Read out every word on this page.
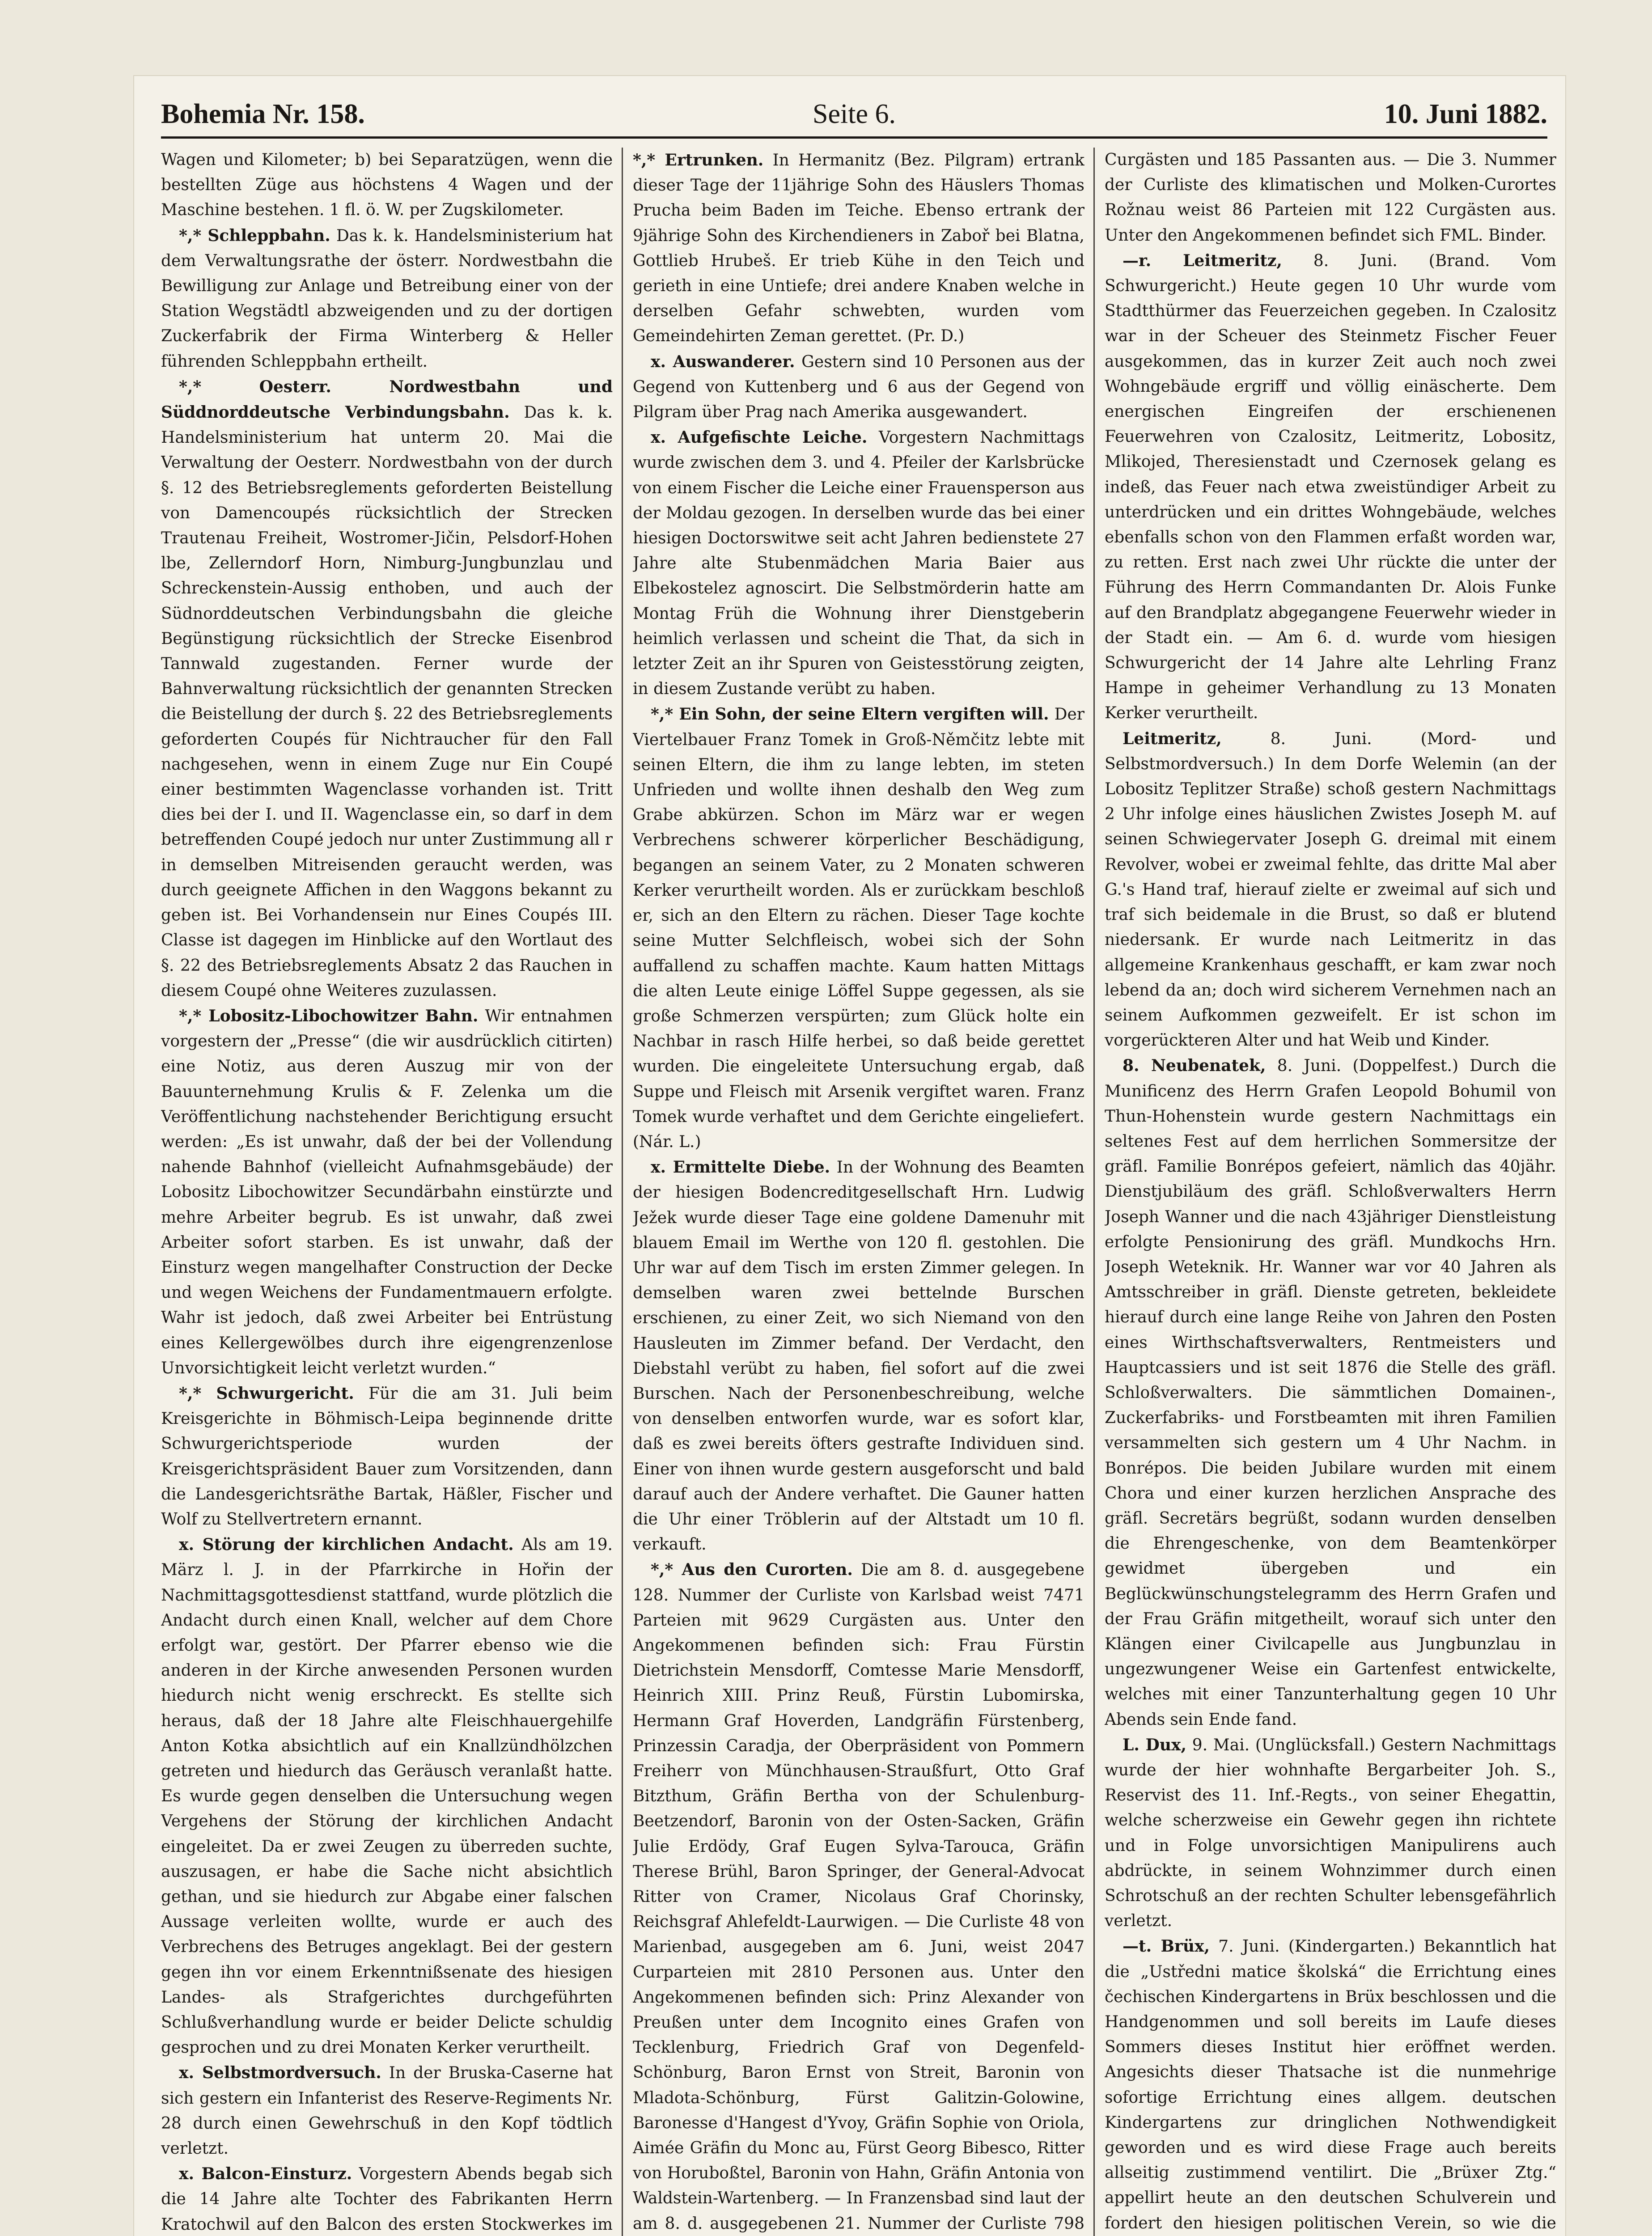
Bohemia Nr. 158.	Seite 6.	10. Juni 1882.

Wagen und Kilometer; b) bei Separatzügen, wenn die bestellten Züge aus höchstens 4 Wagen und der Maschine bestehen. 1 fl. ö. W. per Zugskilometer.

*,* Schleppbahn. Das k. k. Handelsministerium hat dem Verwaltungsrathe der österr. Nordwestbahn die Bewilligung zur Anlage und Betreibung einer von der Station Wegstädtl abzweigenden und zu der dortigen Zuckerfabrik der Firma Winterberg & Heller führenden Schleppbahn ertheilt.

*,* Oesterr. Nordwestbahn und Süddnorddeutsche Verbindungsbahn. Das k. k. Handelsministerium hat unterm 20. Mai die Verwaltung der Oesterr. Nordwestbahn von der durch §. 12 des Betriebsreglements geforderten Beistellung von Damencoupés rücksichtlich der Strecken Trautenau Freiheit, Wostromer-Jičin, Pelsdorf-Hohen lbe, Zellerndorf Horn, Nimburg-Jungbunzlau und Schreckenstein-Aussig enthoben, und auch der Südnorddeutschen Verbindungsbahn die gleiche Begünstigung rücksichtlich der Strecke Eisenbrod Tannwald zugestanden. Ferner wurde der Bahnverwaltung rücksichtlich der genannten Strecken die Beistellung der durch §. 22 des Betriebsreglements geforderten Coupés für Nichtraucher für den Fall nachgesehen, wenn in einem Zuge nur Ein Coupé einer bestimmten Wagenclasse vorhanden ist. Tritt dies bei der I. und II. Wagenclasse ein, so darf in dem betreffenden Coupé jedoch nur unter Zustimmung all r in demselben Mitreisenden geraucht werden, was durch geeignete Affichen in den Waggons bekannt zu geben ist. Bei Vorhandensein nur Eines Coupés III. Classe ist dagegen im Hinblicke auf den Wortlaut des §. 22 des Betriebsreglements Absatz 2 das Rauchen in diesem Coupé ohne Weiteres zuzulassen.

*,* Lobositz-Libochowitzer Bahn. Wir entnahmen vorgestern der „Presse“ (die wir ausdrücklich citirten) eine Notiz, aus deren Auszug mir von der Bauunternehmung Krulis & F. Zelenka um die Veröffentlichung nachstehender Berichtigung ersucht werden: „Es ist unwahr, daß der bei der Vollendung nahende Bahnhof (vielleicht Aufnahmsgebäude) der Lobositz Libochowitzer Secundärbahn einstürzte und mehre Arbeiter begrub. Es ist unwahr, daß zwei Arbeiter sofort starben. Es ist unwahr, daß der Einsturz wegen mangelhafter Construction der Decke und wegen Weichens der Fundamentmauern erfolgte. Wahr ist jedoch, daß zwei Arbeiter bei Entrüstung eines Kellergewölbes durch ihre eigengrenzenlose Unvorsichtigkeit leicht verletzt wurden.“

*,* Schwurgericht. Für die am 31. Juli beim Kreisgerichte in Böhmisch-Leipa beginnende dritte Schwurgerichtsperiode wurden der Kreisgerichtspräsident Bauer zum Vorsitzenden, dann die Landesgerichtsräthe Bartak, Häßler, Fischer und Wolf zu Stellvertretern ernannt.

x. Störung der kirchlichen Andacht. Als am 19. März l. J. in der Pfarrkirche in Hořin der Nachmittagsgottesdienst stattfand, wurde plötzlich die Andacht durch einen Knall, welcher auf dem Chore erfolgt war, gestört. Der Pfarrer ebenso wie die anderen in der Kirche anwesenden Personen wurden hiedurch nicht wenig erschreckt. Es stellte sich heraus, daß der 18 Jahre alte Fleischhauergehilfe Anton Kotka absichtlich auf ein Knallzündhölzchen getreten und hiedurch das Geräusch veranlaßt hatte. Es wurde gegen denselben die Untersuchung wegen Vergehens der Störung der kirchlichen Andacht eingeleitet. Da er zwei Zeugen zu überreden suchte, auszusagen, er habe die Sache nicht absichtlich gethan, und sie hiedurch zur Abgabe einer falschen Aussage verleiten wollte, wurde er auch des Verbrechens des Betruges angeklagt. Bei der gestern gegen ihn vor einem Erkenntnißsenate des hiesigen Landes- als Strafgerichtes durchgeführten Schlußverhandlung wurde er beider Delicte schuldig gesprochen und zu drei Monaten Kerker verurtheilt.

x. Selbstmordversuch. In der Bruska-Caserne hat sich gestern ein Infanterist des Reserve-Regiments Nr. 28 durch einen Gewehrschuß in den Kopf tödtlich verletzt.

x. Balcon-Einsturz. Vorgestern Abends begab sich die 14 Jahre alte Tochter des Fabrikanten Herrn Kratochwil auf den Balcon des ersten Stockwerkes im

*,* Ertrunken. In Hermanitz (Bez. Pilgram) ertrank dieser Tage der 11jährige Sohn des Häuslers Thomas Prucha beim Baden im Teiche. Ebenso ertrank der 9jährige Sohn des Kirchendieners in Zaboř bei Blatna, Gottlieb Hrubeš. Er trieb Kühe in den Teich und gerieth in eine Untiefe; drei andere Knaben welche in derselben Gefahr schwebten, wurden vom Gemeindehirten Zeman gerettet. (Pr. D.)

x. Auswanderer. Gestern sind 10 Personen aus der Gegend von Kuttenberg und 6 aus der Gegend von Pilgram über Prag nach Amerika ausgewandert.

x. Aufgefischte Leiche. Vorgestern Nachmittags wurde zwischen dem 3. und 4. Pfeiler der Karlsbrücke von einem Fischer die Leiche einer Frauensperson aus der Moldau gezogen. In derselben wurde das bei einer hiesigen Doctorswitwe seit acht Jahren bedienstete 27 Jahre alte Stubenmädchen Maria Baier aus Elbekostelez agnoscirt. Die Selbstmörderin hatte am Montag Früh die Wohnung ihrer Dienstgeberin heimlich verlassen und scheint die That, da sich in letzter Zeit an ihr Spuren von Geistesstörung zeigten, in diesem Zustande verübt zu haben.

*,* Ein Sohn, der seine Eltern vergiften will. Der Viertelbauer Franz Tomek in Groß-Němčitz lebte mit seinen Eltern, die ihm zu lange lebten, im steten Unfrieden und wollte ihnen deshalb den Weg zum Grabe abkürzen. Schon im März war er wegen Verbrechens schwerer körperlicher Beschädigung, begangen an seinem Vater, zu 2 Monaten schweren Kerker verurtheilt worden. Als er zurückkam beschloß er, sich an den Eltern zu rächen. Dieser Tage kochte seine Mutter Selchfleisch, wobei sich der Sohn auffallend zu schaffen machte. Kaum hatten Mittags die alten Leute einige Löffel Suppe gegessen, als sie große Schmerzen verspürten; zum Glück holte ein Nachbar in rasch Hilfe herbei, so daß beide gerettet wurden. Die eingeleitete Untersuchung ergab, daß Suppe und Fleisch mit Arsenik vergiftet waren. Franz Tomek wurde verhaftet und dem Gerichte eingeliefert. (Nár. L.)

x. Ermittelte Diebe. In der Wohnung des Beamten der hiesigen Bodencreditgesellschaft Hrn. Ludwig Ježek wurde dieser Tage eine goldene Damenuhr mit blauem Email im Werthe von 120 fl. gestohlen. Die Uhr war auf dem Tisch im ersten Zimmer gelegen. In demselben waren zwei bettelnde Burschen erschienen, zu einer Zeit, wo sich Niemand von den Hausleuten im Zimmer befand. Der Verdacht, den Diebstahl verübt zu haben, fiel sofort auf die zwei Burschen. Nach der Personenbeschreibung, welche von denselben entworfen wurde, war es sofort klar, daß es zwei bereits öfters gestrafte Individuen sind. Einer von ihnen wurde gestern ausgeforscht und bald darauf auch der Andere verhaftet. Die Gauner hatten die Uhr einer Tröblerin auf der Altstadt um 10 fl. verkauft.

*,* Aus den Curorten. Die am 8. d. ausgegebene 128. Nummer der Curliste von Karlsbad weist 7471 Parteien mit 9629 Curgästen aus. Unter den Angekommenen befinden sich: Frau Fürstin Dietrichstein Mensdorff, Comtesse Marie Mensdorff, Heinrich XIII. Prinz Reuß, Fürstin Lubomirska, Hermann Graf Hoverden, Landgräfin Fürstenberg, Prinzessin Caradja, der Oberpräsident von Pommern Freiherr von Münchhausen-Straußfurt, Otto Graf Bitzthum, Gräfin Bertha von der Schulenburg-Beetzendorf, Baronin von der Osten-Sacken, Gräfin Julie Erdödy, Graf Eugen Sylva-Tarouca, Gräfin Therese Brühl, Baron Springer, der General-Advocat Ritter von Cramer, Nicolaus Graf Chorinsky, Reichsgraf Ahlefeldt-Laurwigen. — Die Curliste 48 von Marienbad, ausgegeben am 6. Juni, weist 2047 Curparteien mit 2810 Personen aus. Unter den Angekommenen befinden sich: Prinz Alexander von Preußen unter dem Incognito eines Grafen von Tecklenburg, Friedrich Graf von Degenfeld-Schönburg, Baron Ernst von Streit, Baronin von Mladota-Schönburg, Fürst Galitzin-Golowine, Baronesse d'Hangest d'Yvoy, Gräfin Sophie von Oriola, Aimée Gräfin du Monc au, Fürst Georg Bibesco, Ritter von Horuboßtel, Baronin von Hahn, Gräfin Antonia von Waldstein-Wartenberg. — In Franzensbad sind laut der am 8. d. ausgegebenen 21. Nummer der Curliste 798

Curgästen und 185 Passanten aus. — Die 3. Nummer der Curliste des klimatischen und Molken-Curortes Rožnau weist 86 Parteien mit 122 Curgästen aus. Unter den Angekommenen befindet sich FML. Binder.

—r. Leitmeritz, 8. Juni. (Brand. Vom Schwurgericht.) Heute gegen 10 Uhr wurde vom Stadtthürmer das Feuerzeichen gegeben. In Czalositz war in der Scheuer des Steinmetz Fischer Feuer ausgekommen, das in kurzer Zeit auch noch zwei Wohngebäude ergriff und völlig einäscherte. Dem energischen Eingreifen der erschienenen Feuerwehren von Czalositz, Leitmeritz, Lobositz, Mlikojed, Theresienstadt und Czernosek gelang es indeß, das Feuer nach etwa zweistündiger Arbeit zu unterdrücken und ein drittes Wohngebäude, welches ebenfalls schon von den Flammen erfaßt worden war, zu retten. Erst nach zwei Uhr rückte die unter der Führung des Herrn Commandanten Dr. Alois Funke auf den Brandplatz abgegangene Feuerwehr wieder in der Stadt ein. — Am 6. d. wurde vom hiesigen Schwurgericht der 14 Jahre alte Lehrling Franz Hampe in geheimer Verhandlung zu 13 Monaten Kerker verurtheilt.

Leitmeritz,	8. Juni. (Mord- und Selbstmordversuch.) In dem Dorfe Welemin (an der Lobositz Teplitzer Straße) schoß gestern Nachmittags 2 Uhr infolge eines häuslichen Zwistes Joseph M. auf seinen Schwiegervater Joseph G. dreimal mit einem Revolver, wobei er zweimal fehlte, das dritte Mal aber G.'s Hand traf, hierauf zielte er zweimal auf sich und traf sich beidemale in die Brust, so daß er blutend niedersank. Er wurde nach Leitmeritz in das allgemeine Krankenhaus geschafft, er kam zwar noch lebend da an; doch wird sicherem Vernehmen nach an seinem Aufkommen gezweifelt. Er ist schon im vorgerückteren Alter und hat Weib und Kinder.

8. Neubenatek, 8. Juni. (Doppelfest.) Durch die Munificenz des Herrn Grafen Leopold Bohumil von Thun-Hohenstein wurde gestern Nachmittags ein seltenes Fest auf dem herrlichen Sommersitze der gräfl. Familie Bonrépos gefeiert, nämlich das 40jähr. Dienstjubiläum des gräfl. Schloßverwalters Herrn Joseph Wanner und die nach 43jähriger Dienstleistung erfolgte Pensionirung des gräfl. Mundkochs Hrn. Joseph Weteknik. Hr. Wanner war vor 40 Jahren als Amtsschreiber in gräfl. Dienste getreten, bekleidete hierauf durch eine lange Reihe von Jahren den Posten eines Wirthschaftsverwalters, Rentmeisters und Hauptcassiers und ist seit 1876 die Stelle des gräfl. Schloßverwalters. Die sämmtlichen Domainen-, Zuckerfabriks- und Forstbeamten mit ihren Familien versammelten sich gestern um 4 Uhr Nachm. in Bonrépos. Die beiden Jubilare wurden mit einem Chora und einer kurzen herzlichen Ansprache des gräfl. Secretärs begrüßt, sodann wurden denselben die Ehrengeschenke, von dem Beamtenkörper gewidmet übergeben und ein Beglückwünschungstelegramm des Herrn Grafen und der Frau Gräfin mitgetheilt, worauf sich unter den Klängen einer Civilcapelle aus Jungbunzlau in ungezwungener Weise ein Gartenfest entwickelte, welches mit einer Tanzunterhaltung gegen 10 Uhr Abends sein Ende fand.

L. Dux, 9. Mai. (Unglücksfall.) Gestern Nachmittags wurde der hier wohnhafte Bergarbeiter Joh. S., Reservist des 11. Inf.-Regts., von seiner Ehegattin, welche scherzweise ein Gewehr gegen ihn richtete und in Folge unvorsichtigen Manipulirens auch abdrückte, in seinem Wohnzimmer durch einen Schrotschuß an der rechten Schulter lebensgefährlich verletzt.

—t. Brüx, 7. Juni. (Kindergarten.) Bekanntlich hat die „Ustředni matice školská“ die Errichtung eines čechischen Kindergartens in Brüx beschlossen und die Handgenommen und soll bereits im Laufe dieses Sommers dieses Institut hier eröffnet werden. Angesichts dieser Thatsache ist die nunmehrige sofortige Errichtung eines allgem. deutschen Kindergartens zur dringlichen Nothwendigkeit geworden und es wird diese Frage auch bereits allseitig zustimmend ventilirt. Die „Brüxer Ztg.“ appellirt heute an den deutschen Schulverein und fordert den hiesigen politischen Verein, so wie die
